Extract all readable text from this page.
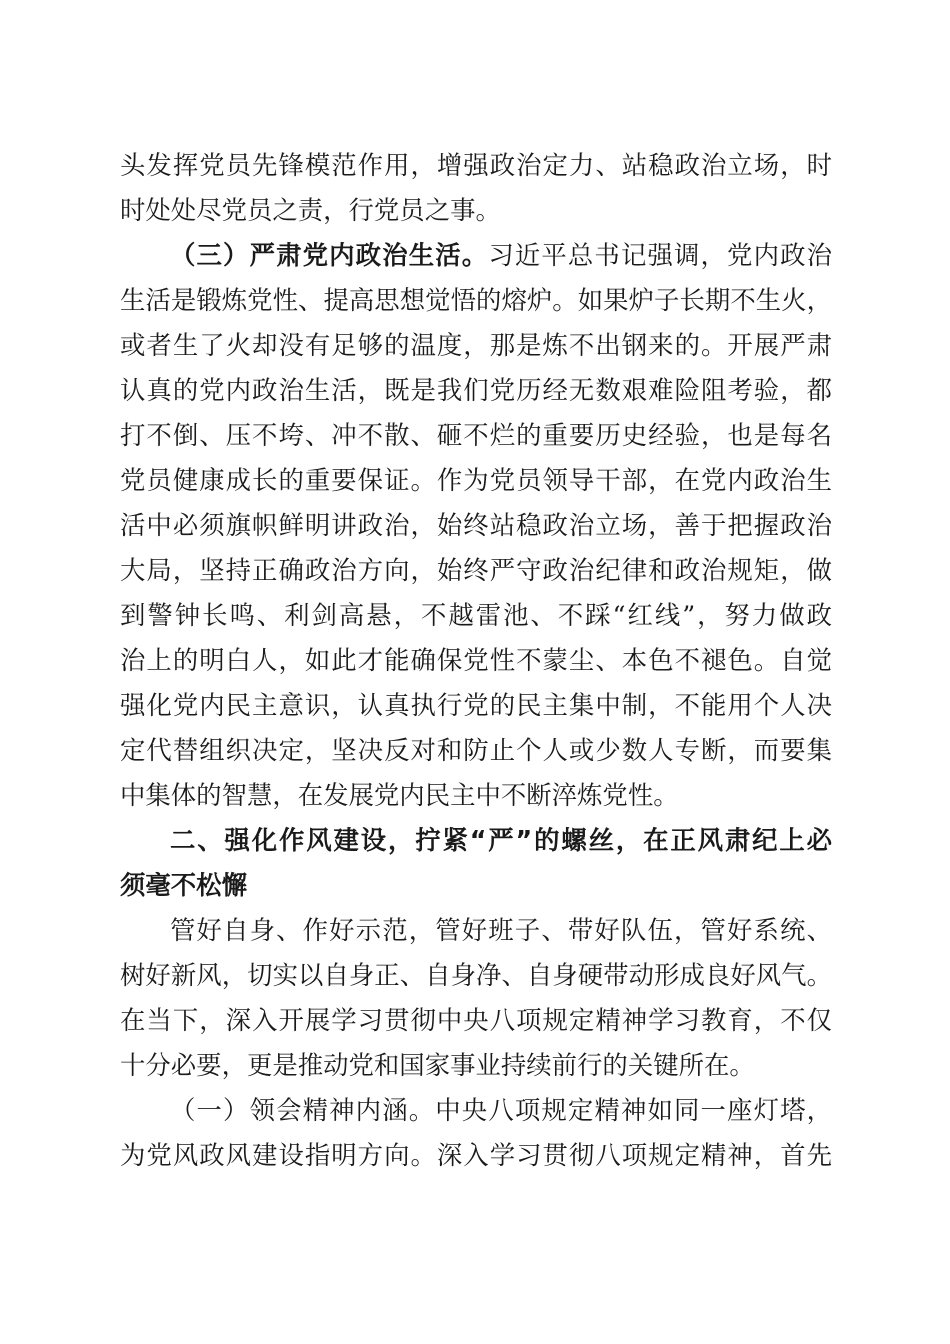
头发挥党员先锋模范作用，增强政治定力、站稳政治立场，时

时处处尽党员之责，行党员之事。

（三）严肃党内政治生活。习近平总书记强调，党内政治

生活是锻炼党性、提高思想觉悟的熔炉。如果炉子长期不生火，

或者生了火却没有足够的温度，那是炼不出钢来的。开展严肃

认真的党内政治生活，既是我们党历经无数艰难险阻考验，都

打不倒、压不垮、冲不散、砸不烂的重要历史经验，也是每名

党员健康成长的重要保证。作为党员领导干部，在党内政治生

活中必须旗帜鲜明讲政治，始终站稳政治立场，善于把握政治

大局，坚持正确政治方向，始终严守政治纪律和政治规矩，做

到警钟长鸣、利剑高悬，不越雷池、不踩“红线”，努力做政

治上的明白人，如此才能确保党性不蒙尘、本色不褪色。自觉

强化党内民主意识，认真执行党的民主集中制，不能用个人决

定代替组织决定，坚决反对和防止个人或少数人专断，而要集

中集体的智慧，在发展党内民主中不断淬炼党性。

二、强化作风建设，拧紧“严”的螺丝，在正风肃纪上必

须毫不松懈

管好自身、作好示范，管好班子、带好队伍，管好系统、

树好新风，切实以自身正、自身净、自身硬带动形成良好风气。

在当下，深入开展学习贯彻中央八项规定精神学习教育，不仅

十分必要，更是推动党和国家事业持续前行的关键所在。

（一）领会精神内涵。中央八项规定精神如同一座灯塔，

为党风政风建设指明方向。深入学习贯彻八项规定精神，首先
